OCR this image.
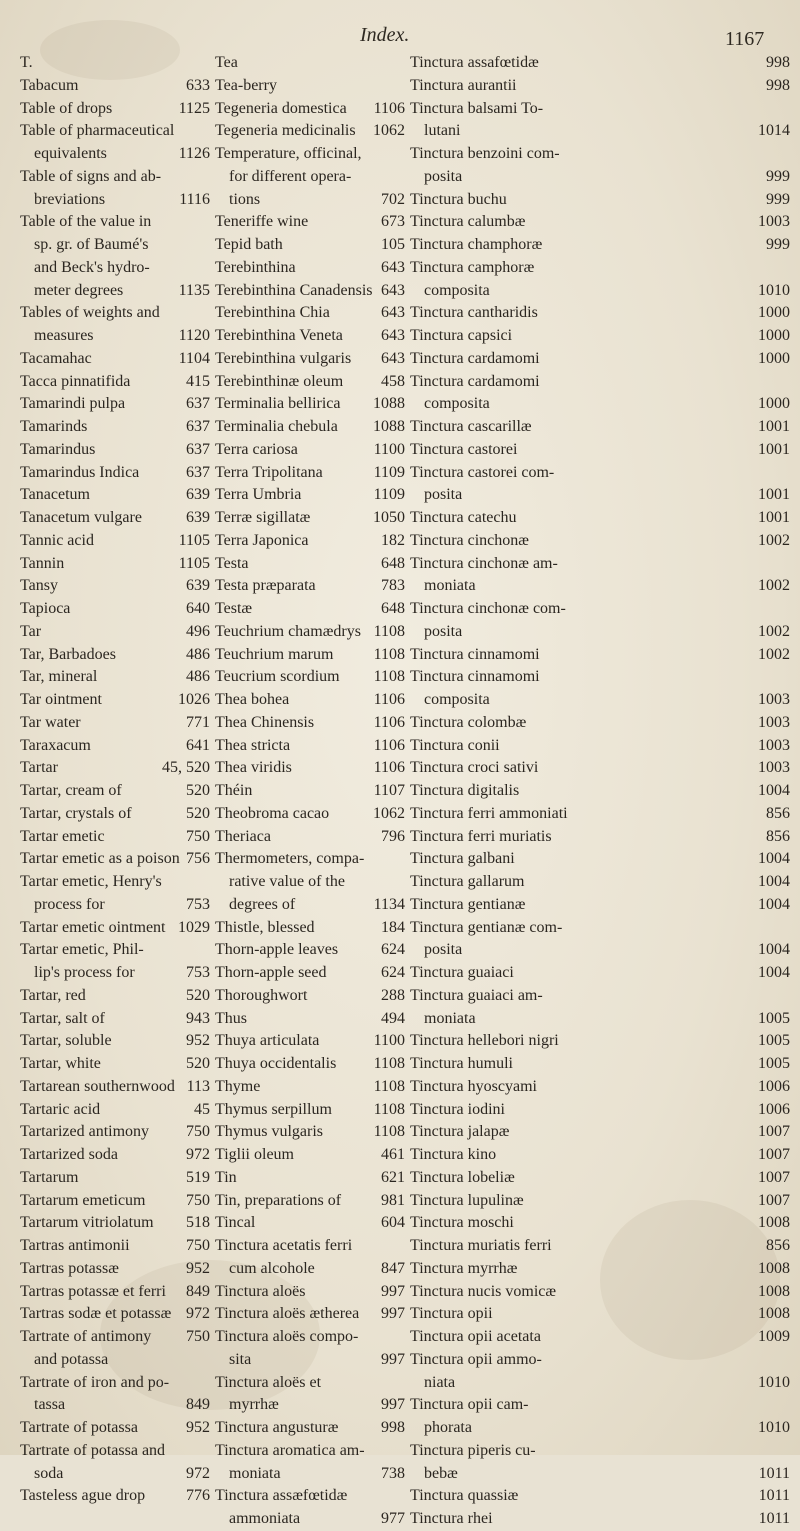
Index.	1167
T.
Tabacum	633
Table of drops	1125
Table of pharmaceutical
equivalents	1126
Table of signs and ab-
breviations	1116
Table of the value in
sp. gr. of Baumé's
and Beck's hydro-
meter degrees	1135
Tables of weights and
measures	1120
Tacamahac	1104
Tacca pinnatifida	415
Tamarindi pulpa	637
Tamarinds	637
Tamarindus	637
Tamarindus Indica	637
Tanacetum	639
Tanacetum vulgare	639
Tannic acid	1105
Tannin	1105
Tansy	639
Tapioca	640
Tar	496
Tar, Barbadoes	486
Tar, mineral	486
Tar ointment	1026
Tar water	771
Taraxacum	641
Tartar	45, 520
Tartar, cream of	520
Tartar, crystals of	520
Tartar emetic	750
Tartar emetic as a poison 756
Tartar emetic, Henry's
process for	753
Tartar emetic ointment 1029
Tartar emetic, Phil-
lip's process for	753
Tartar, red	520
Tartar, salt of	943
Tartar, soluble	952
Tartar, white	520
Tartarean southernwood 113
Tartaric acid	45
Tartarized antimony 750
Tartarized soda	972
Tartarum	519
Tartarum emeticum	750
Tartarum vitriolatum 518
Tartras antimonii	750
Tartras potassæ	952
Tartras potassæ et ferri 849
Tartras sodæ et potassæ 972
Tartrate of antimony 750
and potassa
Tartrate of iron and po-
tassa	849
Tartrate of potassa	952
Tartrate of potassa and
soda	972
Tasteless ague drop	776
Tea
Tea-berry
Tegeneria domestica 1106
Tegeneria medicinalis 1062
Temperature, officinal,
for different opera-
tions	702
Teneriffe wine	673
Tepid bath	105
Terebinthina	643
Terebinthina Canadensis 643
Terebinthina Chia	643
Terebinthina Veneta 643
Terebinthina vulgaris 643
Terebinthinæ oleum 458
Terminalia bellirica 1088
Terminalia chebula 1088
Terra cariosa	1100
Terra Tripolitana	1109
Terra Umbria	1109
Terræ sigillatæ	1050
Terra Japonica	182
Testa	648
Testa præparata	783
Testæ	648
Teuchrium chamædrys 1108
Teuchrium marum	1108
Teucrium scordium 1108
Thea bohea	1106
Thea Chinensis	1106
Thea stricta	1106
Thea viridis	1106
Théin	1107
Theobroma cacao	1062
Theriaca	796
Thermometers, compa-
rative value of the
degrees of	1134
Thistle, blessed	184
Thorn-apple leaves	624
Thorn-apple seed	624
Thoroughwort	288
Thus	494
Thuya articulata	1100
Thuya occidentalis 1108
Thyme	1108
Thymus serpillum	1108
Thymus vulgaris	1108
Tiglii oleum	461
Tin	621
Tin, preparations of 981
Tincal	604
Tinctura acetatis ferri
cum alcohole	847
Tinctura aloës	997
Tinctura aloës ætherea 997
Tinctura aloës compo-
sita	997
Tinctura aloës et
myrrhæ	997
Tinctura angusturæ	998
Tinctura aromatica am-
moniata	738
Tinctura assæfœtidæ
ammoniata	977
Tinctura assafœtidæ	998
Tinctura aurantii	998
Tinctura balsami To-
lutani	1014
Tinctura benzoini com-
posita	999
Tinctura buchu	999
Tinctura calumbæ	1003
Tinctura champhoræ	999
Tinctura camphoræ
composita	1010
Tinctura cantharidis	1000
Tinctura capsici	1000
Tinctura cardamomi	1000
Tinctura cardamomi
composita	1000
Tinctura cascarillæ	1001
Tinctura castorei	1001
Tinctura castorei com-
posita	1001
Tinctura catechu	1001
Tinctura cinchonæ	1002
Tinctura cinchonæ am-
moniata	1002
Tinctura cinchonæ com-
posita	1002
Tinctura cinnamomi	1002
Tinctura cinnamomi
composita	1003
Tinctura colombæ	1003
Tinctura conii	1003
Tinctura croci sativi	1003
Tinctura digitalis	1004
Tinctura ferri ammoniati	856
Tinctura ferri muriatis	856
Tinctura galbani	1004
Tinctura gallarum	1004
Tinctura gentianæ	1004
Tinctura gentianæ com-
posita	1004
Tinctura guaiaci	1004
Tinctura guaiaci am-
moniata	1005
Tinctura hellebori nigri	1005
Tinctura humuli	1005
Tinctura hyoscyami	1006
Tinctura iodini	1006
Tinctura jalapæ	1007
Tinctura kino	1007
Tinctura lobeliæ	1007
Tinctura lupulinæ	1007
Tinctura moschi	1008
Tinctura muriatis ferri	856
Tinctura myrrhæ	1008
Tinctura nucis vomicæ	1008
Tinctura opii	1008
Tinctura opii acetata	1009
Tinctura opii ammo-
niata	1010
Tinctura opii cam-
phorata	1010
Tinctura piperis cu-
bebæ	1011
Tinctura quassiæ	1011
Tinctura rhei	1011
